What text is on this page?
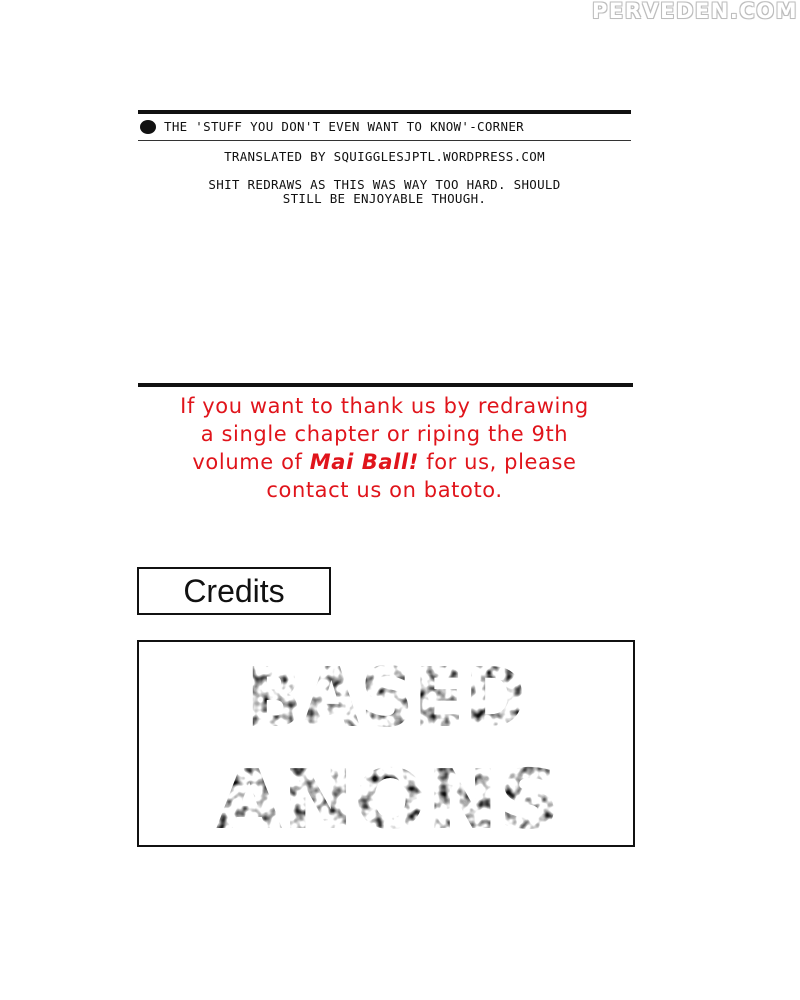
PERVEDEN.COM
THE 'STUFF YOU DON'T EVEN WANT TO KNOW'-CORNER
TRANSLATED BY SQUIGGLESJPTL.WORDPRESS.COM
SHIT REDRAWS AS THIS WAS WAY TOO HARD. SHOULD
STILL BE ENJOYABLE THOUGH.
If you want to thank us by redrawing
a single chapter or riping the 9th
volume of Mai Ball! for us, please
contact us on batoto.
Credits
BASED
ANONS
